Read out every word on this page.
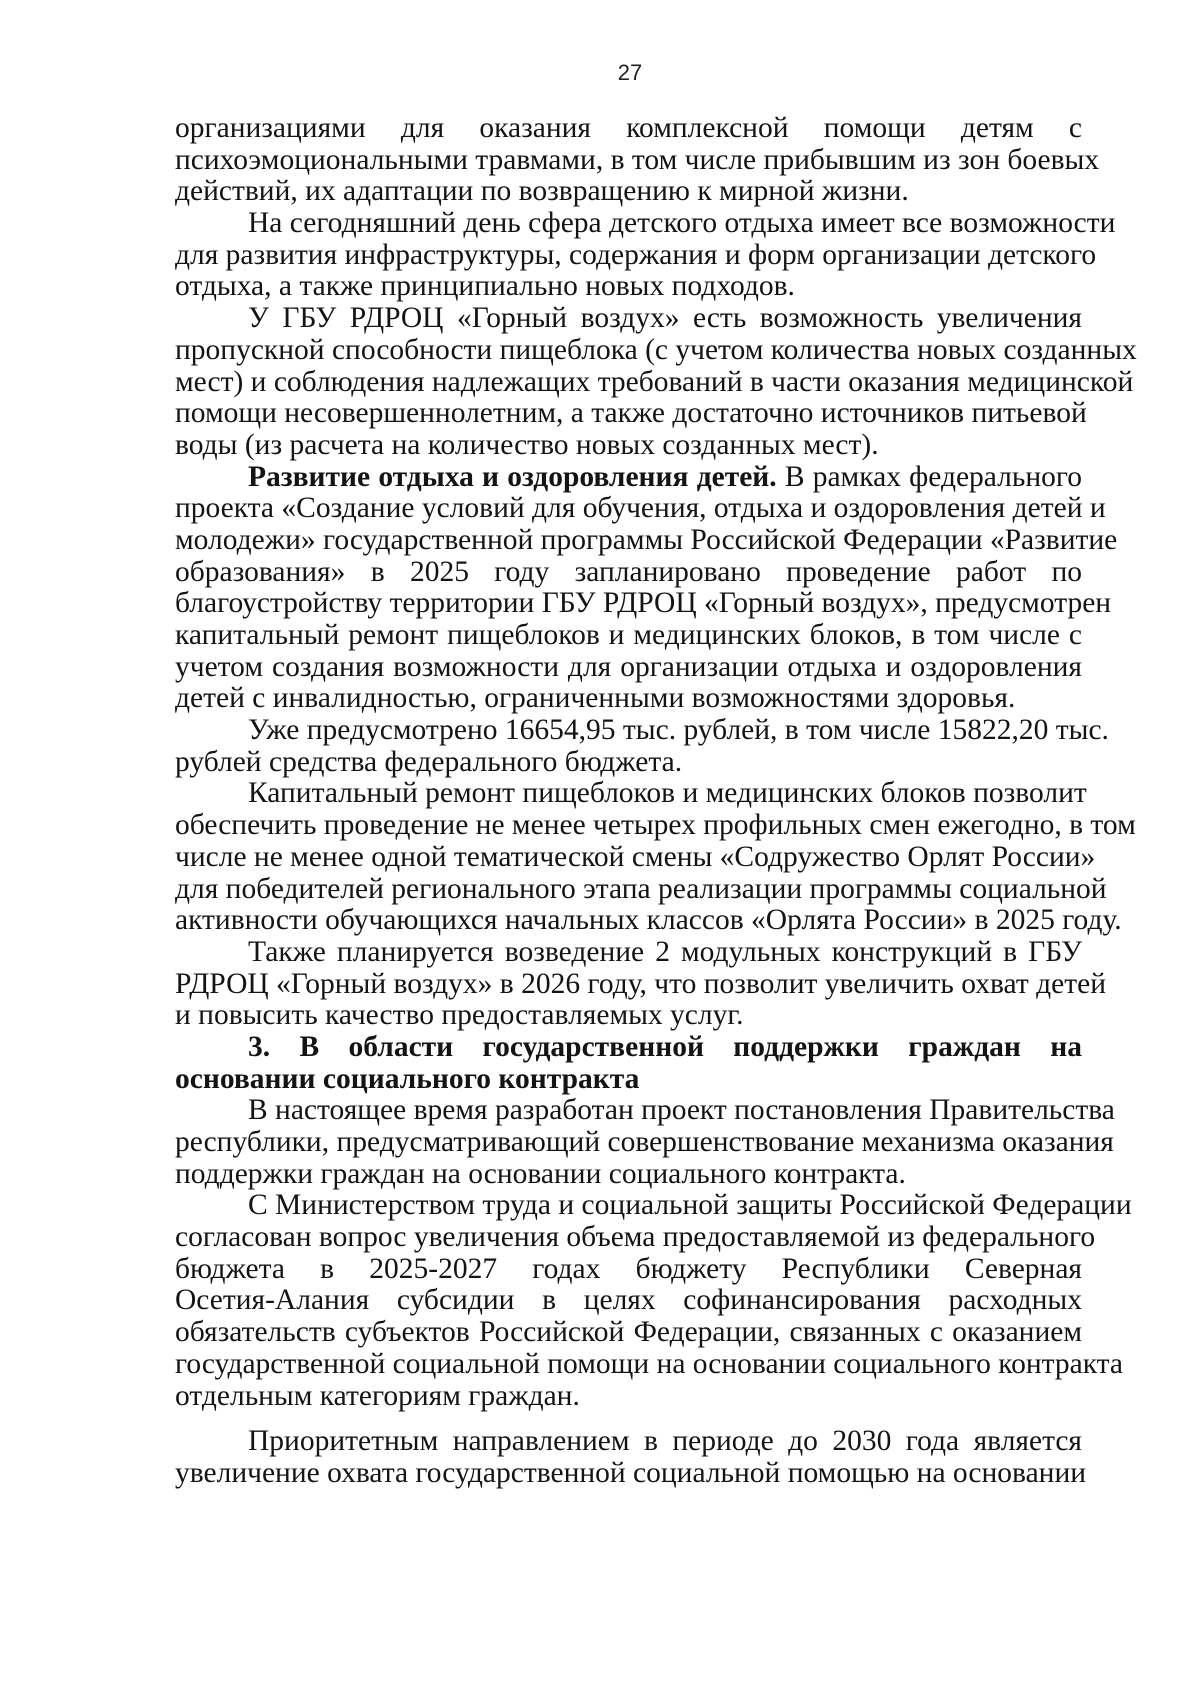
27
организациями для оказания комплексной помощи детям с
психоэмоциональными травмами, в том числе прибывшим из зон боевых
действий, их адаптации по возвращению к мирной жизни.
На сегодняшний день сфера детского отдыха имеет все возможности
для развития инфраструктуры, содержания и форм организации детского
отдыха, а также принципиально новых подходов.
У ГБУ РДРОЦ «Горный воздух» есть возможность увеличения
пропускной способности пищеблока (с учетом количества новых созданных
мест) и соблюдения надлежащих требований в части оказания медицинской
помощи несовершеннолетним, а также достаточно источников питьевой
воды (из расчета на количество новых созданных мест).
Развитие отдыха и оздоровления детей. В рамках федерального
проекта «Создание условий для обучения, отдыха и оздоровления детей и
молодежи» государственной программы Российской Федерации «Развитие
образования» в 2025 году запланировано проведение работ по
благоустройству территории ГБУ РДРОЦ «Горный воздух», предусмотрен
капитальный ремонт пищеблоков и медицинских блоков, в том числе с
учетом создания возможности для организации отдыха и оздоровления
детей с инвалидностью, ограниченными возможностями здоровья.
Уже предусмотрено 16654,95 тыс. рублей, в том числе 15822,20 тыс.
рублей средства федерального бюджета.
Капитальный ремонт пищеблоков и медицинских блоков позволит
обеспечить проведение не менее четырех профильных смен ежегодно, в том
числе не менее одной тематической смены «Содружество Орлят России»
для победителей регионального этапа реализации программы социальной
активности обучающихся начальных классов «Орлята России» в 2025 году.
Также планируется возведение 2 модульных конструкций в ГБУ
РДРОЦ «Горный воздух» в 2026 году, что позволит увеличить охват детей
и повысить качество предоставляемых услуг.
3. В области государственной поддержки граждан на
основании социального контракта
В настоящее время разработан проект постановления Правительства
республики, предусматривающий совершенствование механизма оказания
поддержки граждан на основании социального контракта.
С Министерством труда и социальной защиты Российской Федерации
согласован вопрос увеличения объема предоставляемой из федерального
бюджета в 2025-2027 годах бюджету Республики Северная
Осетия-Алания субсидии в целях софинансирования расходных
обязательств субъектов Российской Федерации, связанных с оказанием
государственной социальной помощи на основании социального контракта
отдельным категориям граждан.
Приоритетным направлением в периоде до 2030 года является
увеличение охвата государственной социальной помощью на основании
